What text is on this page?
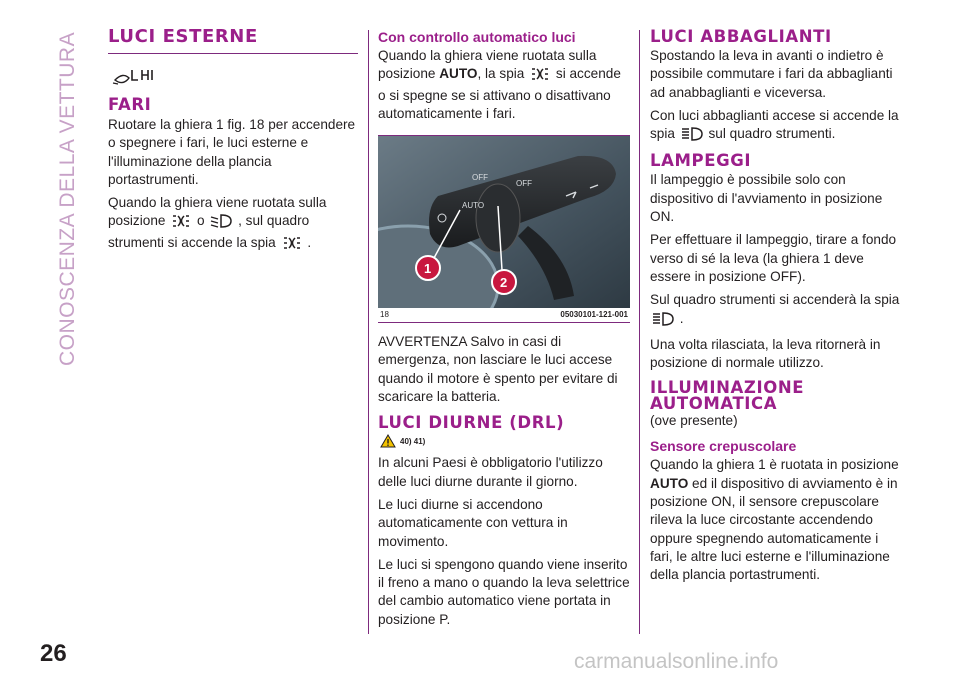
CONOSCENZA DELLA VETTURA
26	carmanualsonline.info
LUCI ESTERNE
FARI

Ruotare la ghiera 1 fig. 18 per accendere o spegnere i fari, le luci esterne e l'illuminazione della plancia portastrumenti.

Quando la ghiera viene ruotata sulla posizione o , sul quadro strumenti si accende la spia .

Con controllo automatico luci

Quando la ghiera viene ruotata sulla posizione AUTO, la spia si accende o si spegne se si attivano o disattivano automaticamente i fari.

OFF
AUTO
OFF
1
2
18	05030101-121-001

AVVERTENZA Salvo in casi di emergenza, non lasciare le luci accese quando il motore è spento per evitare di scaricare la batteria.

LUCI DIURNE (DRL)
40) 41)

In alcuni Paesi è obbligatorio l'utilizzo delle luci diurne durante il giorno.

Le luci diurne si accendono automaticamente con vettura in movimento.

Le luci si spengono quando viene inserito il freno a mano o quando la leva selettrice del cambio automatico viene portata in posizione P.

LUCI ABBAGLIANTI

Spostando la leva in avanti o indietro è possibile commutare i fari da abbaglianti ad anabbaglianti e viceversa.

Con luci abbaglianti accese si accende la spia sul quadro strumenti.

LAMPEGGI

Il lampeggio è possibile solo con dispositivo di l'avviamento in posizione ON.

Per effettuare il lampeggio, tirare a fondo verso di sé la leva (la ghiera 1 deve essere in posizione OFF).

Sul quadro strumenti si accenderà la spia  .

Una volta rilasciata, la leva ritornerà in posizione di normale utilizzo.

ILLUMINAZIONE AUTOMATICA

(ove presente)

Sensore crepuscolare

Quando la ghiera 1 è ruotata in posizione AUTO ed il dispositivo di avviamento è in posizione ON, il sensore crepuscolare rileva la luce circostante accendendo oppure spegnendo automaticamente i fari, le altre luci esterne e l'illuminazione della plancia portastrumenti.
